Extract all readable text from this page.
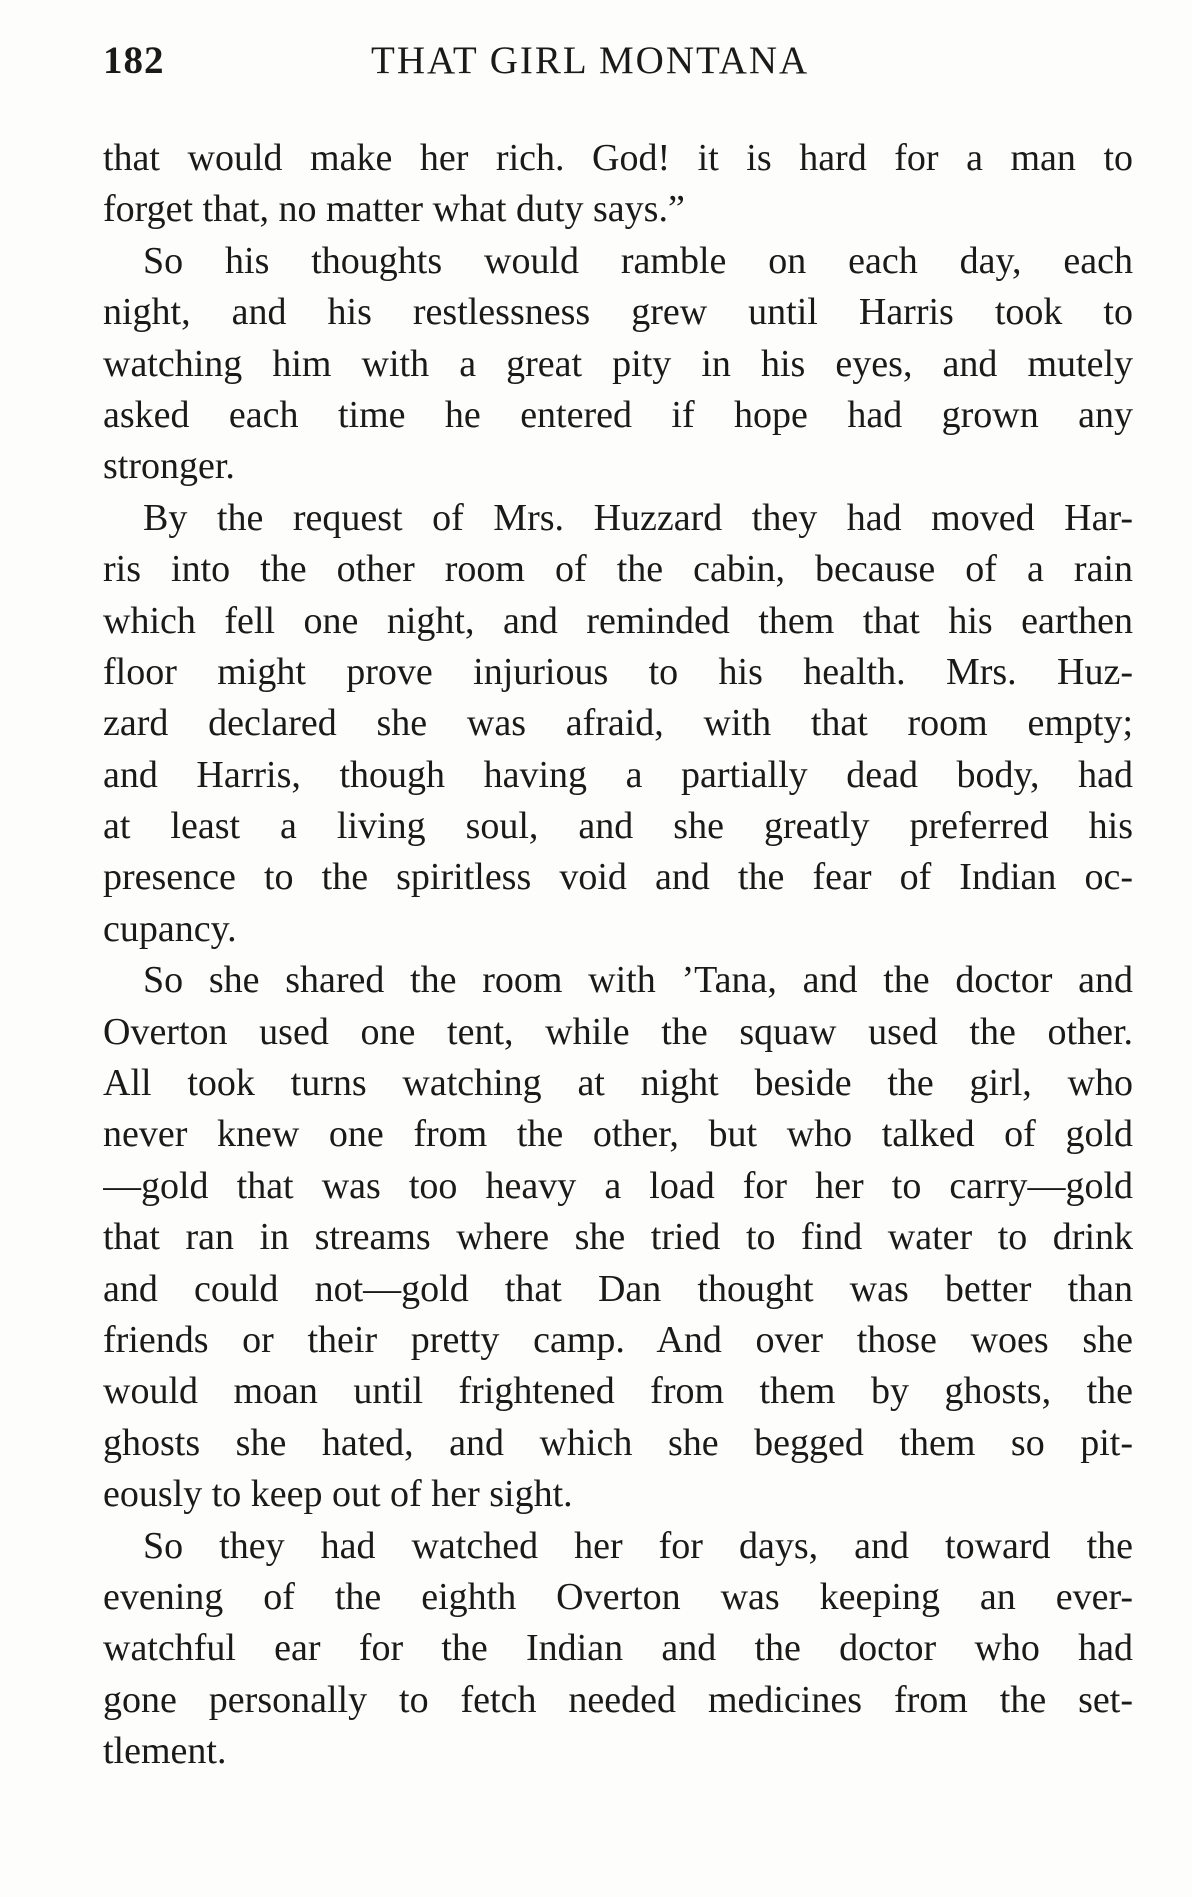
182	THAT GIRL MONTANA
that would make her rich. God! it is hard for a man to
forget that, no matter what duty says.”
So his thoughts would ramble on each day, each
night, and his restlessness grew until Harris took to
watching him with a great pity in his eyes, and mutely
asked each time he entered if hope had grown any
stronger.
By the request of Mrs. Huzzard they had moved Har-
ris into the other room of the cabin, because of a rain
which fell one night, and reminded them that his earthen
floor might prove injurious to his health. Mrs. Huz-
zard declared she was afraid, with that room empty;
and Harris, though having a partially dead body, had
at least a living soul, and she greatly preferred his
presence to the spiritless void and the fear of Indian oc-
cupancy.
So she shared the room with ’Tana, and the doctor and
Overton used one tent, while the squaw used the other.
All took turns watching at night beside the girl, who
never knew one from the other, but who talked of gold
—gold that was too heavy a load for her to carry—gold
that ran in streams where she tried to find water to drink
and could not—gold that Dan thought was better than
friends or their pretty camp. And over those woes she
would moan until frightened from them by ghosts, the
ghosts she hated, and which she begged them so pit-
eously to keep out of her sight.
So they had watched her for days, and toward the
evening of the eighth Overton was keeping an ever-
watchful ear for the Indian and the doctor who had
gone personally to fetch needed medicines from the set-
tlement.
